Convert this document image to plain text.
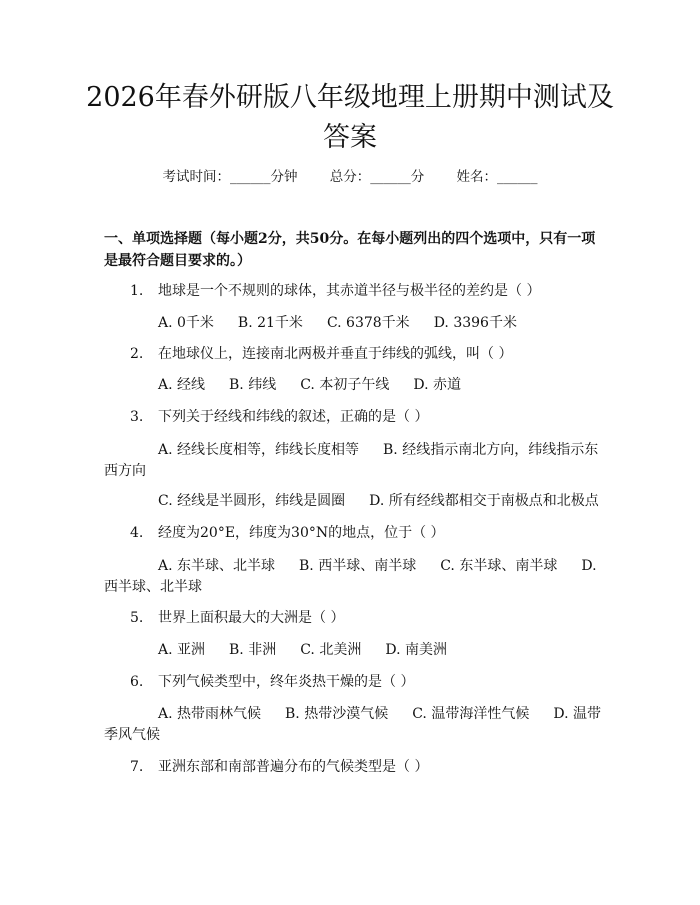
2026年春外研版八年级地理上册期中测试及
答案
考试时间：______分钟 总分：______分 姓名：______
一、单项选择题（每小题2分，共50分。在每小题列出的四个选项中，只有一项是最符合题目要求的。）
1. 地球是一个不规则的球体，其赤道半径与极半径的差约是（ ）
A. 0千米 B. 21千米 C. 6378千米 D. 3396千米
2. 在地球仪上，连接南北两极并垂直于纬线的弧线，叫（ ）
A. 经线 B. 纬线 C. 本初子午线 D. 赤道
3. 下列关于经线和纬线的叙述，正确的是（ ）
A. 经线长度相等，纬线长度相等 B. 经线指示南北方向，纬线指示东西方向
C. 经线是半圆形，纬线是圆圈 D. 所有经线都相交于南极点和北极点
4. 经度为20°E，纬度为30°N的地点，位于（ ）
A. 东半球、北半球 B. 西半球、南半球 C. 东半球、南半球 D. 西半球、北半球
5. 世界上面积最大的大洲是（ ）
A. 亚洲 B. 非洲 C. 北美洲 D. 南美洲
6. 下列气候类型中，终年炎热干燥的是（ ）
A. 热带雨林气候 B. 热带沙漠气候 C. 温带海洋性气候 D. 温带季风气候
7. 亚洲东部和南部普遍分布的气候类型是（ ）
